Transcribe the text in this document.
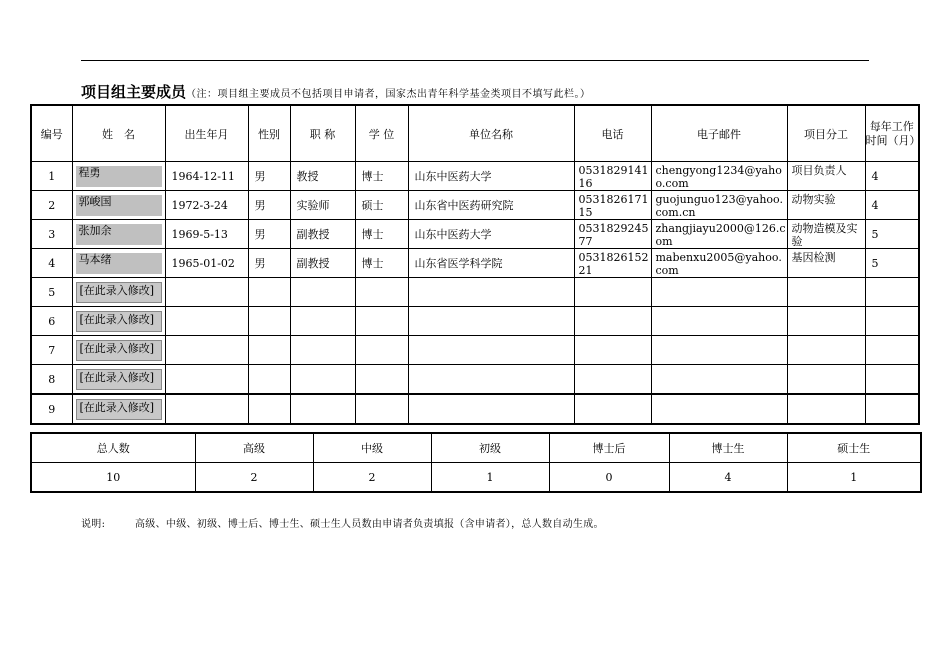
项目组主要成员（注：项目组主要成员不包括项目申请者，国家杰出青年科学基金类项目不填写此栏。）
编号	姓　名	出生年月	性别	职 称	学 位	单位名称	电话	电子邮件	项目分工	每年工作时间（月）
1	程勇	1964-12-11	男	教授	博士	山东中医药大学	053182914116	chengyong1234@yahoo.com	项目负责人	4
2	郭峻国	1972-3-24	男	实验师	硕士	山东省中医药研究院	053182617115	guojunguo123@yahoo.com.cn	动物实验	4
3	张加余	1969-5-13	男	副教授	博士	山东中医药大学	053182924577	zhangjiayu2000@126.com	动物造模及实验	5
4	马本绪	1965-01-02	男	副教授	博士	山东省医学科学院	053182615221	mabenxu2005@yahoo.com	基因检测	5
5	[在此录入修改]									

6	[在此录入修改]									

7	[在此录入修改]									

8	[在此录入修改]									

9	[在此录入修改]									

总人数	高级	中级	初级	博士后	博士生	硕士生
10	2	2	1	0	4	1
说明:	高级、中级、初级、博士后、博士生、硕士生人员数由申请者负责填报（含申请者），总人数自动生成。
